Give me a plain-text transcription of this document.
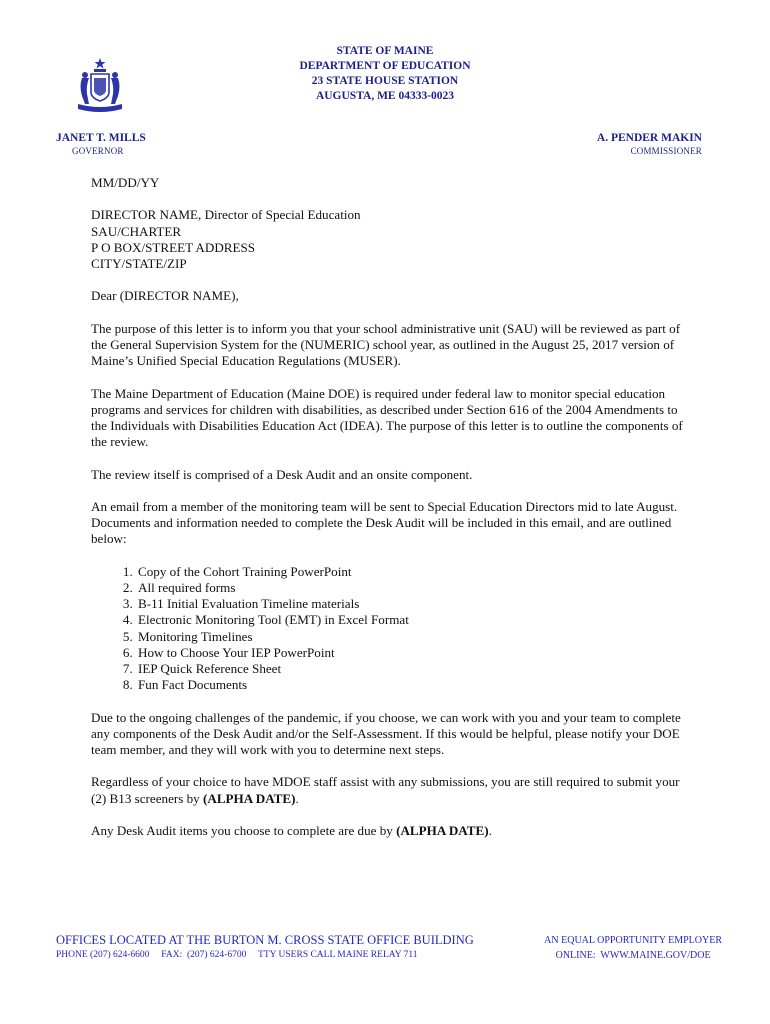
STATE OF MAINE
DEPARTMENT OF EDUCATION
23 STATE HOUSE STATION
AUGUSTA, ME 04333-0023
JANET T. MILLS
GOVERNOR
A. PENDER MAKIN
COMMISSIONER

MM/DD/YY

DIRECTOR NAME, Director of Special Education
SAU/CHARTER
P O BOX/STREET ADDRESS
CITY/STATE/ZIP

Dear (DIRECTOR NAME),

The purpose of this letter is to inform you that your school administrative unit (SAU) will be reviewed as part of the General Supervision System for the (NUMERIC) school year, as outlined in the August 25, 2017 version of Maine’s Unified Special Education Regulations (MUSER).

The Maine Department of Education (Maine DOE) is required under federal law to monitor special education programs and services for children with disabilities, as described under Section 616 of the 2004 Amendments to the Individuals with Disabilities Education Act (IDEA). The purpose of this letter is to outline the components of the review.

The review itself is comprised of a Desk Audit and an onsite component.

An email from a member of the monitoring team will be sent to Special Education Directors mid to late August. Documents and information needed to complete the Desk Audit will be included in this email, and are outlined below:

1. Copy of the Cohort Training PowerPoint
2. All required forms
3. B-11 Initial Evaluation Timeline materials
4. Electronic Monitoring Tool (EMT) in Excel Format
5. Monitoring Timelines
6. How to Choose Your IEP PowerPoint
7. IEP Quick Reference Sheet
8. Fun Fact Documents

Due to the ongoing challenges of the pandemic, if you choose, we can work with you and your team to complete any components of the Desk Audit and/or the Self-Assessment. If this would be helpful, please notify your DOE team member, and they will work with you to determine next steps.

Regardless of your choice to have MDOE staff assist with any submissions, you are still required to submit your (2) B13 screeners by (ALPHA DATE).

Any Desk Audit items you choose to complete are due by (ALPHA DATE).

OFFICES LOCATED AT THE BURTON M. CROSS STATE OFFICE BUILDING
PHONE (207) 624-6600     FAX:  (207) 624-6700     TTY USERS CALL MAINE RELAY 711
AN EQUAL OPPORTUNITY EMPLOYER
ONLINE:  WWW.MAINE.GOV/DOE
